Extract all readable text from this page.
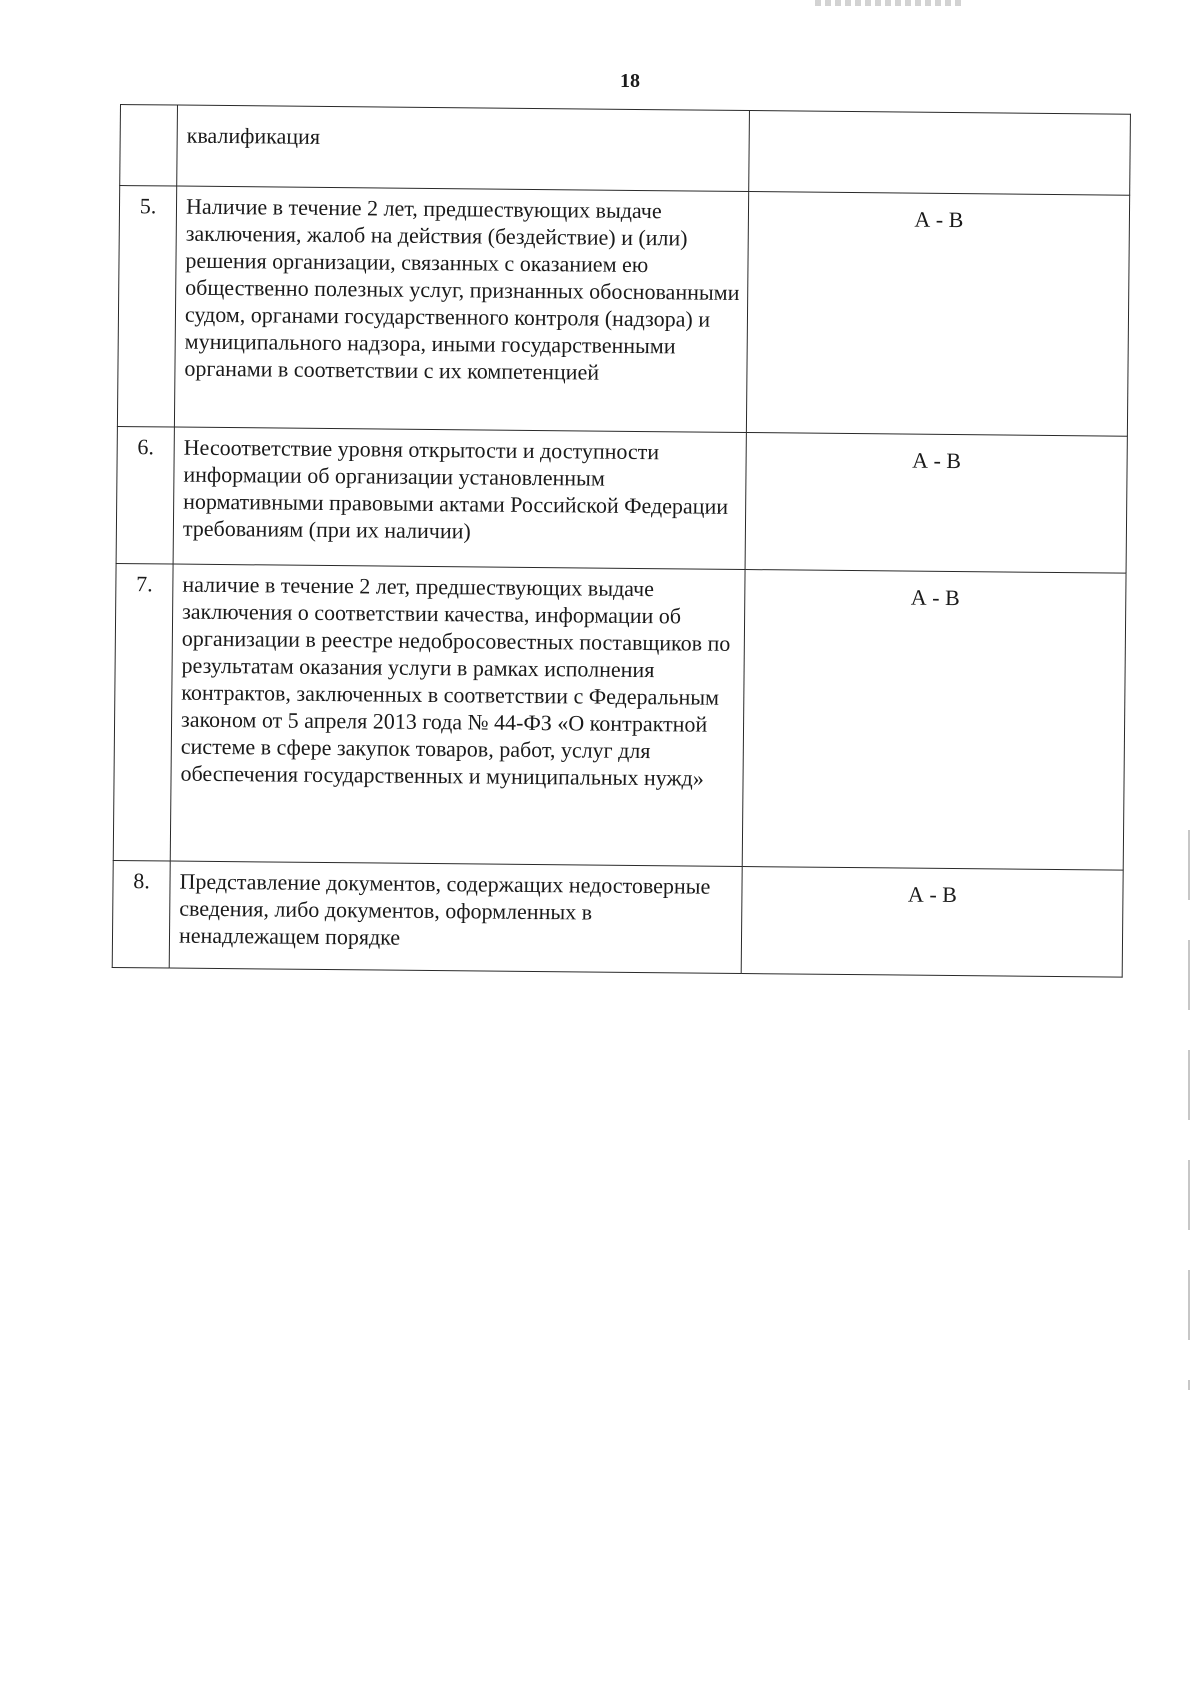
18
	квалификация	
5.	Наличие в течение 2 лет, предшествующих выдаче заключения, жалоб на действия (бездействие) и (или) решения организации, связанных с оказанием ею общественно полезных услуг, признанных обоснованными судом, органами государственного контроля (надзора) и муниципального надзора, иными государственными органами в соответствии с их компетенцией	А - В
6.	Несоответствие уровня открытости и доступности информации об организации установленным нормативными правовыми актами Российской Федерации требованиям (при их наличии)	А - В
7.	наличие в течение 2 лет, предшествующих выдаче заключения о соответствии качества, информации об организации в реестре недобросовестных поставщиков по результатам оказания услуги в рамках исполнения контрактов, заключенных в соответствии с Федеральным законом от 5 апреля 2013 года № 44-ФЗ «О контрактной системе в сфере закупок товаров, работ, услуг для обеспечения государственных и муниципальных нужд»	А - В
8.	Представление документов, содержащих недостоверные сведения, либо документов, оформленных в ненадлежащем порядке	А - В
